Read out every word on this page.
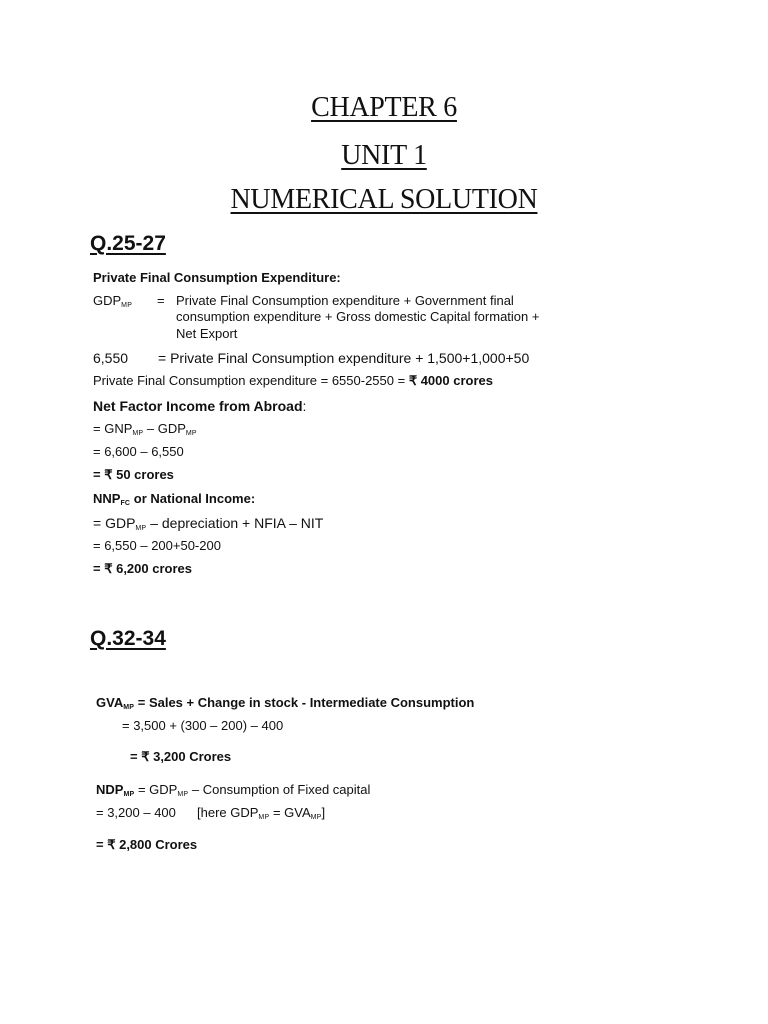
CHAPTER 6
UNIT 1
NUMERICAL SOLUTION
Q.25-27
Private Final Consumption Expenditure:
$GDP_{MP}$ = Private Final Consumption expenditure + Government final
consumption expenditure + Gross domestic Capital formation +
Net Export
6,550 = Private Final Consumption expenditure + 1,500+1,000+50
Private Final Consumption expenditure = 6550-2550 = ₹ 4000 crores
Net Factor Income from Abroad:
= $GNP_{MP} - GDP_{MP}$
= 6,600 – 6,550
= ₹ 50 crores
$NNP_{FC}$ or National Income:
= $GDP_{MP}$ – depreciation + NFIA – NIT
= 6,550 – 200+50-200
= ₹ 6,200 crores
Q.32-34
$GVA_{MP}$ = Sales + Change in stock - Intermediate Consumption
= 3,500 + (300 – 200) – 400
= ₹ 3,200 Crores
$NDP_{MP} = GDP_{MP}$ – Consumption of Fixed capital
= 3,200 – 400 [here $GDP_{MP} = GVA_{MP}$]
= ₹ 2,800 Crores
